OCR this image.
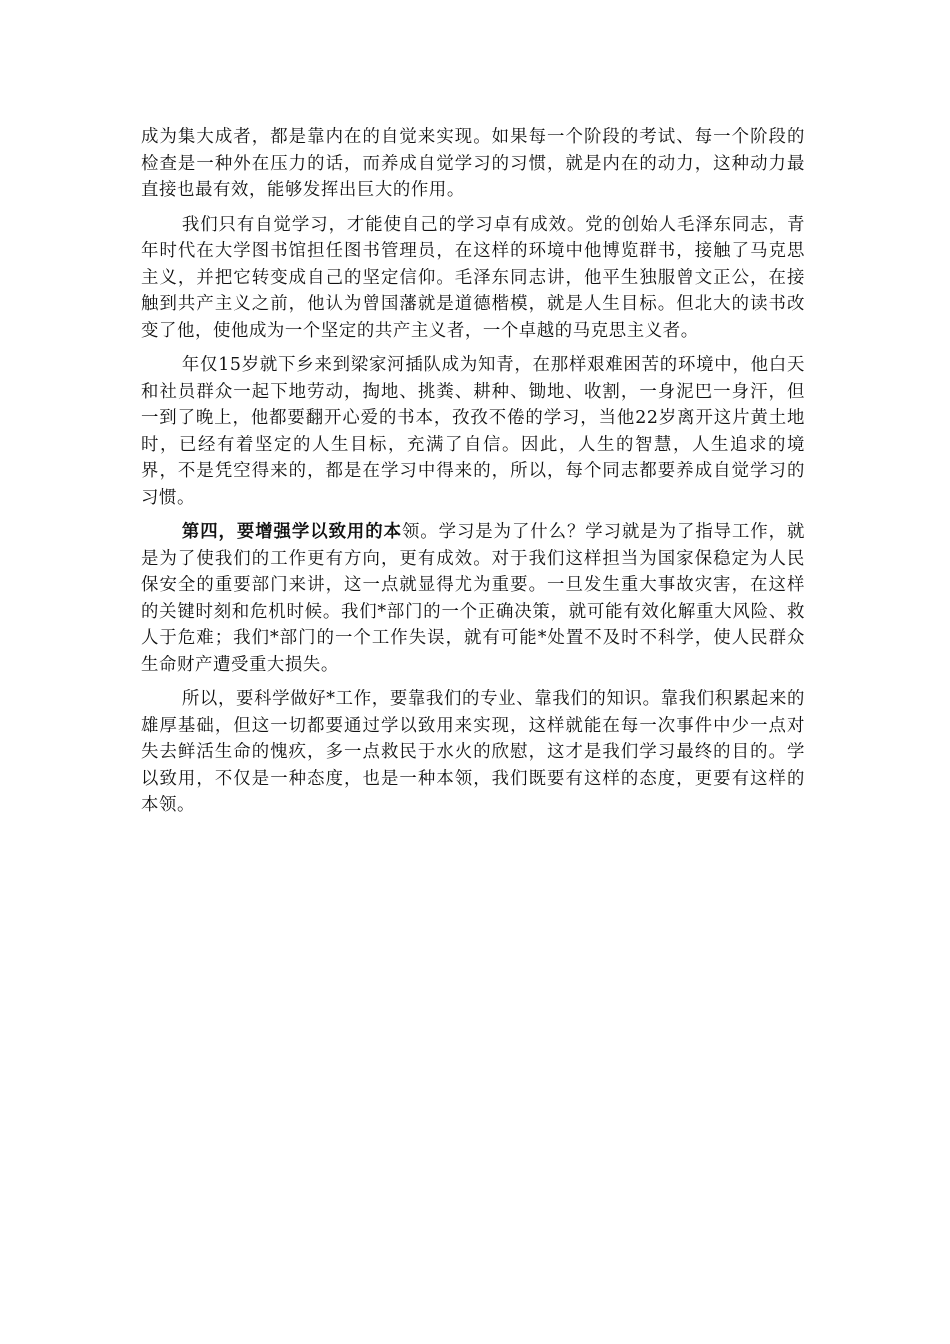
成为集大成者，都是靠内在的自觉来实现。如果每一个阶段的考试、每一个阶段的检查是一种外在压力的话，而养成自觉学习的习惯，就是内在的动力，这种动力最直接也最有效，能够发挥出巨大的作用。

我们只有自觉学习，才能使自己的学习卓有成效。党的创始人毛泽东同志，青年时代在大学图书馆担任图书管理员，在这样的环境中他博览群书，接触了马克思主义，并把它转变成自己的坚定信仰。毛泽东同志讲，他平生独服曾文正公，在接触到共产主义之前，他认为曾国藩就是道德楷模，就是人生目标。但北大的读书改变了他，使他成为一个坚定的共产主义者，一个卓越的马克思主义者。

年仅15岁就下乡来到梁家河插队成为知青，在那样艰难困苦的环境中，他白天和社员群众一起下地劳动，掏地、挑粪、耕种、锄地、收割，一身泥巴一身汗，但一到了晚上，他都要翻开心爱的书本，孜孜不倦的学习，当他22岁离开这片黄土地时，已经有着坚定的人生目标，充满了自信。因此，人生的智慧，人生追求的境界，不是凭空得来的，都是在学习中得来的，所以，每个同志都要养成自觉学习的习惯。

第四，要增强学以致用的本领。学习是为了什么？学习就是为了指导工作，就是为了使我们的工作更有方向，更有成效。对于我们这样担当为国家保稳定为人民保安全的重要部门来讲，这一点就显得尤为重要。一旦发生重大事故灾害，在这样的关键时刻和危机时候。我们*部门的一个正确决策，就可能有效化解重大风险、救人于危难；我们*部门的一个工作失误，就有可能*处置不及时不科学，使人民群众生命财产遭受重大损失。

所以，要科学做好*工作，要靠我们的专业、靠我们的知识。靠我们积累起来的雄厚基础，但这一切都要通过学以致用来实现，这样就能在每一次事件中少一点对失去鲜活生命的愧疚，多一点救民于水火的欣慰，这才是我们学习最终的目的。学以致用，不仅是一种态度，也是一种本领，我们既要有这样的态度，更要有这样的本领。
